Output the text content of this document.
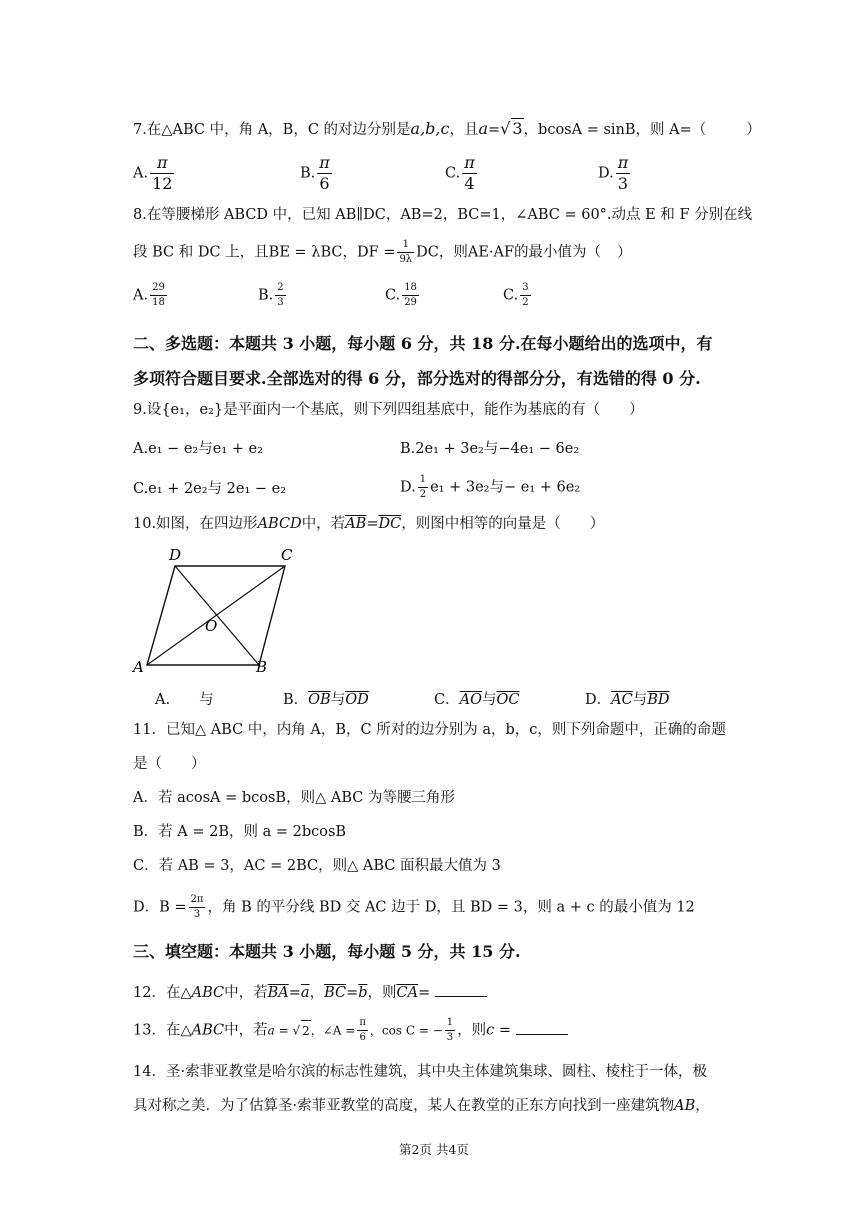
7.在△ABC 中，角 A，B，C 的对边分别是a,b,c，且a=√ 3，bcosA = sinB，则 A=（	）
A. $\frac{\pi}{12}$	B. $\frac{\pi}{6}$	C. $\frac{\pi}{4}$	D. $\frac{\pi}{3}$
8.在等腰梯形 ABCD 中，已知 AB∥DC，AB=2，BC=1，∠ABC = 60°.动点 E 和 F 分别在线
段 BC 和 DC 上，且BE = λBC，DF = $\frac{1}{9\lambda}$ DC，则AE·AF的最小值为（ ）
A. $\frac{29}{18}$	B. $\frac{2}{3}$	C. $\frac{18}{29}$	C. $\frac{3}{2}$
二、多选题：本题共 3 小题，每小题 6 分，共 18 分.在每小题给出的选项中，有
多项符合题目要求.全部选对的得 6 分，部分选对的得部分分，有选错的得 0 分.
9.设{e₁，e₂}是平面内一个基底，则下列四组基底中，能作为基底的有（　　）
A.e₁ − e₂与e₁ + e₂	B.2e₁ + 3e₂与−4e₁ − 6e₂
C.e₁ + 2e₂与 2e₁ − e₂	D. $\frac{1}{2} e_1 + 3e_2$与− e₁ + 6e₂
10.如图，在四边形ABCD中，若$\overline{AB}=\overline{DC}$，则图中相等的向量是（　　）
D	C
A	B
O
A.　　与	B．$\overline{OB}$与$\overline{OD}$	C．$\overline{AO}$与$\overline{OC}$	D．$\overline{AC}$与$\overline{BD}$
11．已知△ ABC 中，内角 A，B，C 所对的边分别为 a，b，c，则下列命题中，正确的命题
是（　　）
A．若 acosA = bcosB，则△ ABC 为等腰三角形
B．若 A = 2B，则 a = 2bcosB
C．若 AB = 3，AC = 2BC，则△ ABC 面积最大值为 3
D．$B = \frac{2\pi}{3}$ ，角 B 的平分线 BD 交 AC 边于 D，且 BD = 3，则 a + c 的最小值为 12
三、填空题：本题共 3 小题，每小题 5 分，共 15 分.
12．在△ABC中，若$\overline{BA}=\overline{a}$，$\overline{BC}=\overline{b}$，则$\overline{CA}=$
13．在△ABC中，若a = √ 2，∠A = $\frac{\pi}{6}$ ，cos C = − $\frac{1}{3}$ ，则c =
14．圣·索菲亚教堂是哈尔滨的标志性建筑，其中央主体建筑集球、圆柱、棱柱于一体，极
具对称之美．为了估算圣·索菲亚教堂的高度，某人在教堂的正东方向找到一座建筑物AB，
第2页 共4页
